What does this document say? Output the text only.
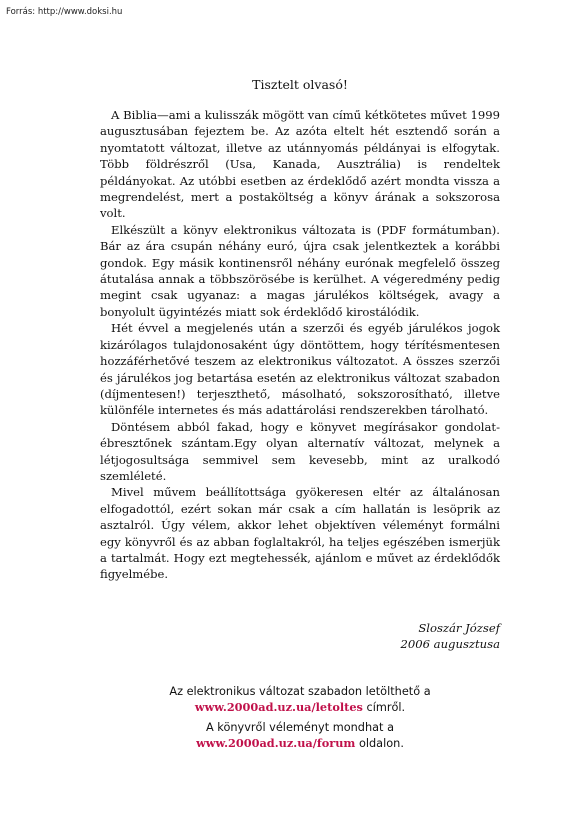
Forrás: http://www.doksi.hu
Tisztelt olvasó!

A Biblia—ami a kulisszák mögött van című kétkötetes művet 1999 augusztusában fejeztem be. Az azóta eltelt hét esztendő során a nyomtatott változat, illetve az utánnyomás példányai is elfogytak. Több földrészről (Usa, Kanada, Ausztrália) is rendeltek példányokat. Az utóbbi esetben az érdeklődő azért mondta vissza a megrendelést, mert a postaköltség a könyv árának a sokszorosa volt.

Elkészült a könyv elektronikus változata is (PDF formátumban). Bár az ára csupán néhány euró, újra csak jelentkeztek a korábbi gondok. Egy másik kontinensről néhány eurónak megfelelő összeg átutalása annak a többszörösébe is kerülhet. A végeredmény pedig megint csak ugyanaz: a magas járulékos költségek, avagy a bonyolult ügyintézés miatt sok érdeklődő kirostálódik.

Hét évvel a megjelenés után a szerzői és egyéb járulékos jogok kizárólagos tulajdonosaként úgy döntöttem, hogy térítésmentesen hozzáférhetővé teszem az elektronikus változatot. A összes szerzői és járulékos jog betartása esetén az elektronikus változat szabadon (díjmentesen!) terjeszthető, másolható, sokszorosítható, illetve különféle internetes és más adattárolási rendszerekben tárolható.

Döntésem abból fakad, hogy e könyvet megírásakor gondolatébresztőnek szántam.Egy olyan alternatív változat, melynek a létjogosultsága semmivel sem kevesebb, mint az uralkodó szemléleté.

Mivel művem beállítottsága gyökeresen eltér az általánosan elfogadottól, ezért sokan már csak a cím hallatán is lesöprik az asztalról. Úgy vélem, akkor lehet objektíven véleményt formálni egy könyvről és az abban foglaltakról, ha teljes egészében ismerjük a tartalmát. Hogy ezt megtehessék, ajánlom e művet az érdeklődők figyelmébe.

Sloszár József
2006 augusztusa
Az elektronikus változat szabadon letölthető a
www.2000ad.uz.ua/letoltes címről.
A könyvről véleményt mondhat a
www.2000ad.uz.ua/forum oldalon.
